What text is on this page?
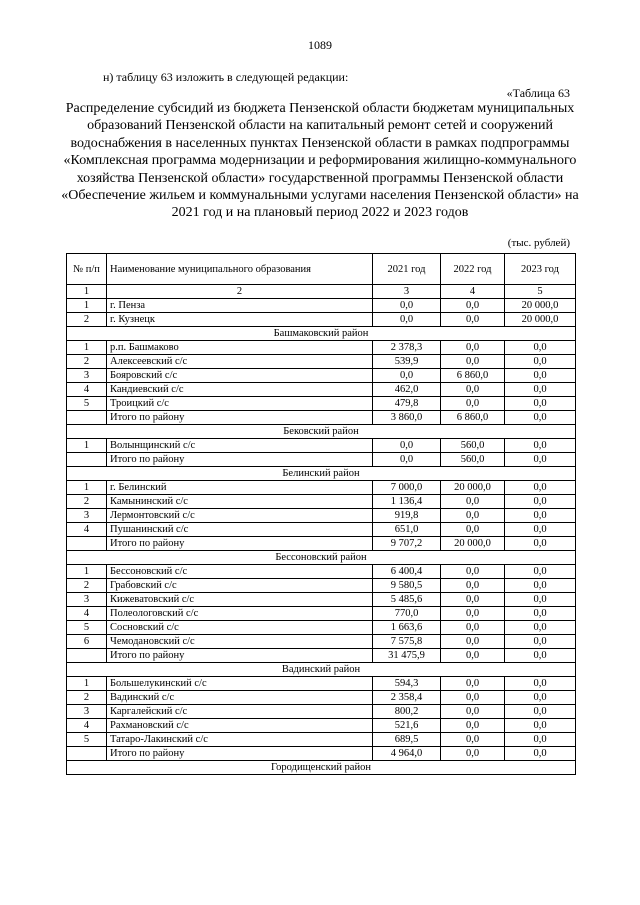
1089
н) таблицу 63 изложить в следующей редакции:
«Таблица 63
Распределение субсидий из бюджета Пензенской области бюджетам муниципальных образований Пензенской области на капитальный ремонт сетей и сооружений водоснабжения в населенных пунктах Пензенской области в рамках подпрограммы «Комплексная программа модернизации и реформирования жилищно-коммунального хозяйства Пензенской области» государственной программы Пензенской области «Обеспечение жильем и коммунальными услугами населения Пензенской области» на 2021 год и на плановый период 2022 и 2023 годов
(тыс. рублей)
№ п/п	Наименование муниципального образования	2021 год	2022 год	2023 год
1	2	3	4	5
1	г. Пенза	0,0	0,0	20 000,0
2	г. Кузнецк	0,0	0,0	20 000,0
Башмаковский район				
1	р.п. Башмаково	2 378,3	0,0	0,0
2	Алексеевский с/с	539,9	0,0	0,0
3	Бояровский с/с	0,0	6 860,0	0,0
4	Кандиевский с/с	462,0	0,0	0,0
5	Троицкий с/с	479,8	0,0	0,0
	Итого по району	3 860,0	6 860,0	0,0
Бековский район				
1	Волынщинский с/с	0,0	560,0	0,0
	Итого по району	0,0	560,0	0,0
Белинский район				
1	г. Белинский	7 000,0	20 000,0	0,0
2	Камынинский с/с	1 136,4	0,0	0,0
3	Лермонтовский с/с	919,8	0,0	0,0
4	Пушанинский с/с	651,0	0,0	0,0
	Итого по району	9 707,2	20 000,0	0,0
Бессоновский район				
1	Бессоновский с/с	6 400,4	0,0	0,0
2	Грабовский с/с	9 580,5	0,0	0,0
3	Кижеватовский с/с	5 485,6	0,0	0,0
4	Полеологовский с/с	770,0	0,0	0,0
5	Сосновский с/с	1 663,6	0,0	0,0
6	Чемодановский с/с	7 575,8	0,0	0,0
	Итого по району	31 475,9	0,0	0,0
Вадинский район				
1	Большелукинский с/с	594,3	0,0	0,0
2	Вадинский с/с	2 358,4	0,0	0,0
3	Каргалейский с/с	800,2	0,0	0,0
4	Рахмановский с/с	521,6	0,0	0,0
5	Татаро-Лакинский с/с	689,5	0,0	0,0
	Итого по району	4 964,0	0,0	0,0
Городищенский район				
